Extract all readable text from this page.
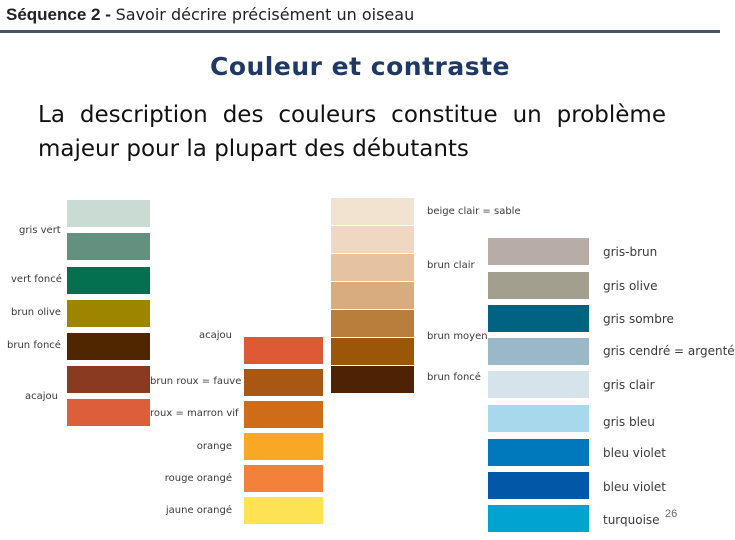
Séquence 2 - Savoir décrire précisément un oiseau
Couleur et contraste
La description des couleurs constitue un problème majeur pour la plupart des débutants
gris vert
vert foncé
brun olive
brun foncé
acajou
acajou
brun roux = fauve
roux = marron vif
orange
rouge orangé
jaune orangé
beige clair = sable
brun clair
brun moyen
brun foncé
gris-brun
gris olive
gris sombre
gris cendré = argenté
gris clair
gris bleu
bleu violet
bleu violet
turquoise 26
